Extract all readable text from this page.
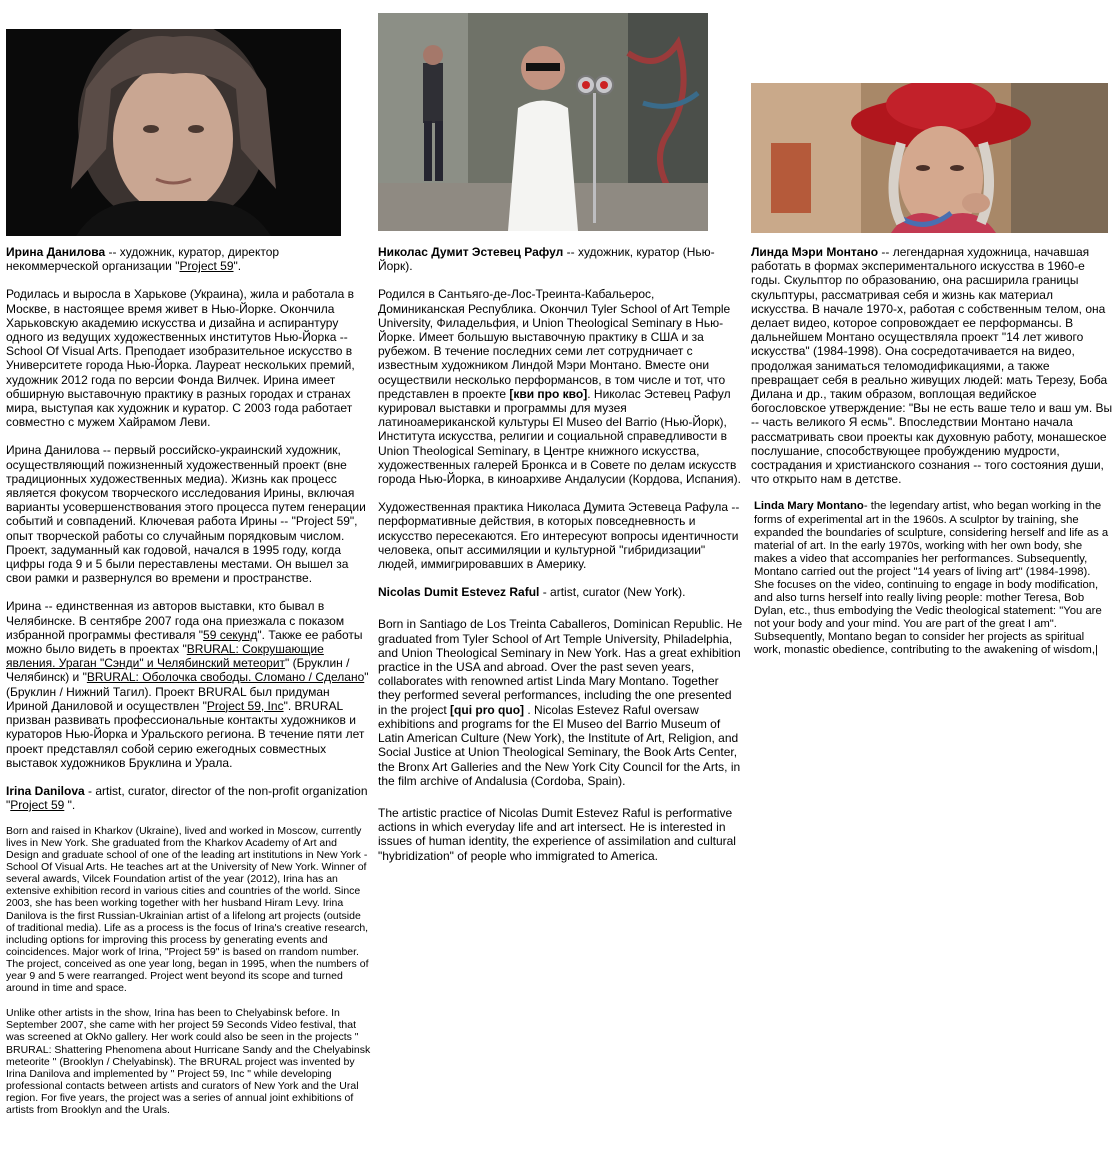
Ирина Данилова -- художник, куратор, директор некоммерческой организации "Project 59".

Родилась и выросла в Харькове (Украина), жила и работала в Москве, в настоящее время живет в Нью-Йорке. Окончила Харьковскую академию искусства и дизайна и аспирантуру одного из ведущих художественных институтов Нью-Йорка -- School Of Visual Arts. Преподает изобразительное искусство в Университете города Нью-Йорка. Лауреат нескольких премий, художник 2012 года по версии Фонда Вилчек. Ирина имеет обширную выставочную практику в разных городах и странах мира, выступая как художник и куратор. С 2003 года работает совместно с мужем Хайрамом Леви.

Ирина Данилова -- первый российско-украинский художник, осуществляющий пожизненный художественный проект (вне традиционных художественных медиа). Жизнь как процесс является фокусом творческого исследования Ирины, включая варианты усовершенствования этого процесса путем генерации событий и совпадений. Ключевая работа Ирины -- "Project 59", опыт творческой работы со случайным порядковым числом. Проект, задуманный как годовой, начался в 1995 году, когда цифры года 9 и 5 были переставлены местами. Он вышел за свои рамки и развернулся во времени и пространстве.

Ирина -- единственная из авторов выставки, кто бывал в Челябинске. В сентябре 2007 года она приезжала с показом избранной программы фестиваля "59 секунд". Также ее работы можно было видеть в проектах "BRURAL: Сокрушающие явления. Ураган "Сэнди" и Челябинский метеорит" (Бруклин / Челябинск) и "BRURAL: Оболочка свободы. Сломано / Сделано" (Бруклин / Нижний Тагил). Проект BRURAL был придуман Ириной Даниловой и осуществлен "Project 59, Inc". BRURAL призван развивать профессиональные контакты художников и кураторов Нью-Йорка и Уральского региона. В течение пяти лет проект представлял собой серию ежегодных совместных выставок художников Бруклина и Урала.

Irina Danilova - artist, curator, director of the non-profit organization "Project 59 ".

Born and raised in Kharkov (Ukraine), lived and worked in Moscow, currently lives in New York. She graduated from the Kharkov Academy of Art and Design and graduate school of one of the leading art institutions in New York - School Of Visual Arts. He teaches art at the University of New York. Winner of several awards, Vilcek Foundation artist of the year (2012), Irina has an extensive exhibition record in various cities and countries of the world. Since 2003, she has been working together with her husband Hiram Levy. Irina Danilova is the first Russian-Ukrainian artist of a lifelong art projects (outside of traditional media). Life as a process is the focus of Irina's creative research, including options for improving this process by generating events and coincidences. Major work of Irina, "Project 59" is based on rrandom number. The project, conceived as one year long, began in 1995, when the numbers of year 9 and 5 were rearranged. Project went beyond its scope and turned around in time and space.

Unlike other artists in the show, Irina has been to Chelyabinsk before. In September 2007, she came with her project 59 Seconds Video festival, that was screened at OkNo gallery. Her work could also be seen in the projects " BRURAL: Shattering Phenomena about Hurricane Sandy and the Chelyabinsk meteorite " (Brooklyn / Chelyabinsk). The BRURAL project was invented by Irina Danilova and implemented by " Project 59, Inc " while developing professional contacts between artists and curators of New York and the Ural region. For five years, the project was a series of annual joint exhibitions of artists from Brooklyn and the Urals.

Николас Думит Эстевец Рафул -- художник, куратор (Нью-Йорк).

Родился в Сантьяго-де-Лос-Треинта-Кабальерос, Доминиканская Республика. Окончил Tyler School of Art Temple University, Филадельфия, и Union Theological Seminary в Нью-Йорке. Имеет большую выставочную практику в США и за рубежом. В течение последних семи лет сотрудничает с известным художником Линдой Мэри Монтано. Вместе они осуществили несколько перформансов, в том числе и тот, что представлен в проекте [кви про кво]. Николас Эстевец Рафул курировал выставки и программы для музея латиноамериканской культуры El Museo del Barrio (Нью-Йорк), Института искусства, религии и социальной справедливости в Union Theological Seminary, в Центре книжного искусства, художественных галерей Бронкса и в Совете по делам искусств города Нью-Йорка, в киноархиве Андалусии (Кордова, Испания).

Художественная практика Николаса Думита Эстевеца Рафула -- перформативные действия, в которых повседневность и искусство пересекаются. Его интересуют вопросы идентичности человека, опыт ассимиляции и культурной "гибридизации" людей, иммигрировавших в Америку.

Nicolas Dumit Estevez Raful - artist, curator (New York).

Born in Santiago de Los Treinta Caballeros, Dominican Republic. He graduated from Tyler School of Art Temple University, Philadelphia, and Union Theological Seminary in New York. Has a great exhibition practice in the USA and abroad. Over the past seven years, collaborates with renowned artist Linda Mary Montano. Together they performed several performances, including the one presented in the project [qui pro quo] . Nicolas Estevez Raful oversaw exhibitions and programs for the El Museo del Barrio Museum of Latin American Culture (New York), the Institute of Art, Religion, and Social Justice at Union Theological Seminary, the Book Arts Center, the Bronx Art Galleries and the New York City Council for the Arts, in the film archive of Andalusia (Cordoba, Spain).

The artistic practice of Nicolas Dumit Estevez Raful is performative actions in which everyday life and art intersect. He is interested in issues of human identity, the experience of assimilation and cultural "hybridization" of people who immigrated to America.

Линда Мэри Монтано -- легендарная художница, начавшая работать в формах экспериментального искусства в 1960-е годы. Скульптор по образованию, она расширила границы скульптуры, рассматривая себя и жизнь как материал искусства. В начале 1970-х, работая с собственным телом, она делает видео, которое сопровождает ее перформансы. В дальнейшем Монтано осуществляла проект "14 лет живого искусства" (1984-1998). Она сосредотачивается на видео, продолжая заниматься теломодификациями, а также превращает себя в реально живущих людей: мать Терезу, Боба Дилана и др., таким образом, воплощая ведийское богословское утверждение: "Вы не есть ваше тело и ваш ум. Вы -- часть великого Я есмь". Впоследствии Монтано начала рассматривать свои проекты как духовную работу, монашеское послушание, способствующее пробуждению мудрости, сострадания и христианского сознания -- того состояния души, что открыто нам в детстве.

Linda Mary Montano- the legendary artist, who began working in the forms of experimental art in the 1960s. A sculptor by training, she expanded the boundaries of sculpture, considering herself and life as a material of art. In the early 1970s, working with her own body, she makes a video that accompanies her performances. Subsequently, Montano carried out the project "14 years of living art" (1984-1998). She focuses on the video, continuing to engage in body modification, and also turns herself into really living people: mother Teresa, Bob Dylan, etc., thus embodying the Vedic theological statement: "You are not your body and your mind. You are part of the great I am". Subsequently, Montano began to consider her projects as spiritual work, monastic obedience, contributing to the awakening of wisdom,|
